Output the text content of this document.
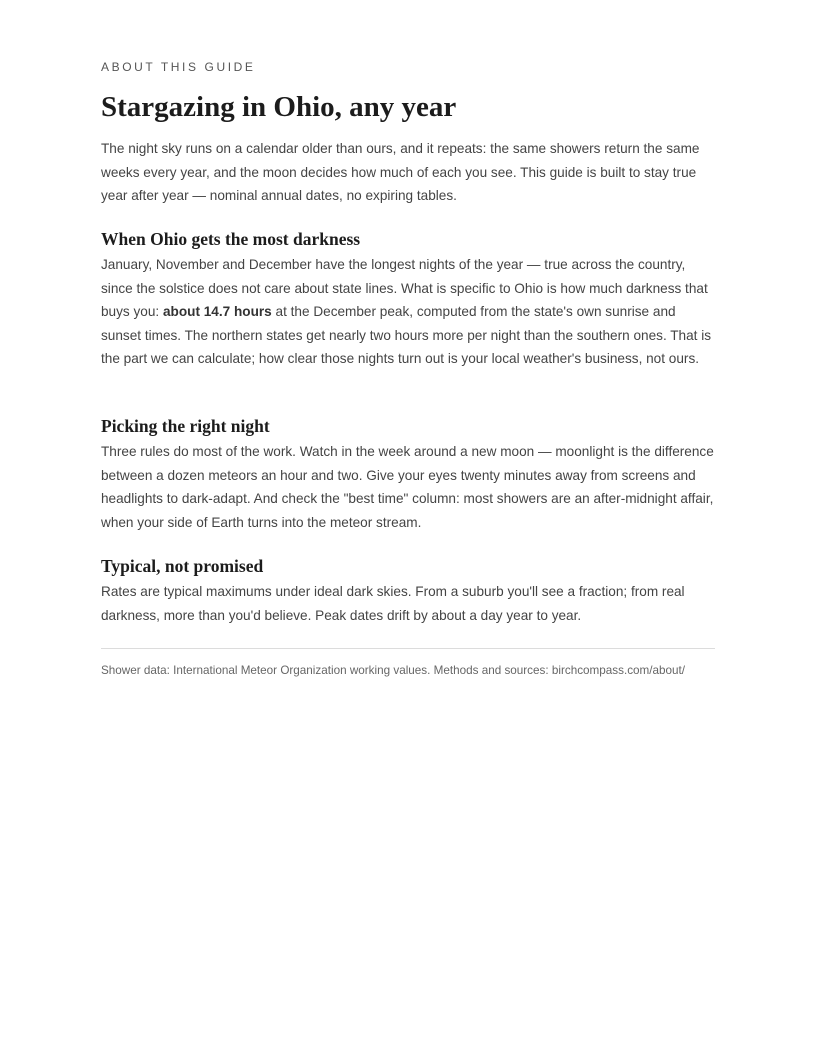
ABOUT THIS GUIDE

Stargazing in Ohio, any year

The night sky runs on a calendar older than ours, and it repeats: the same showers return the same weeks every year, and the moon decides how much of each you see. This guide is built to stay true year after year — nominal annual dates, no expiring tables.

When Ohio gets the most darkness

January, November and December have the longest nights of the year — true across the country, since the solstice does not care about state lines. What is specific to Ohio is how much darkness that buys you: about 14.7 hours at the December peak, computed from the state's own sunrise and sunset times. The northern states get nearly two hours more per night than the southern ones. That is the part we can calculate; how clear those nights turn out is your local weather's business, not ours.

Picking the right night

Three rules do most of the work. Watch in the week around a new moon — moonlight is the difference between a dozen meteors an hour and two. Give your eyes twenty minutes away from screens and headlights to dark-adapt. And check the "best time" column: most showers are an after-midnight affair, when your side of Earth turns into the meteor stream.

Typical, not promised

Rates are typical maximums under ideal dark skies. From a suburb you'll see a fraction; from real darkness, more than you'd believe. Peak dates drift by about a day year to year.

Shower data: International Meteor Organization working values. Methods and sources: birchcompass.com/about/
